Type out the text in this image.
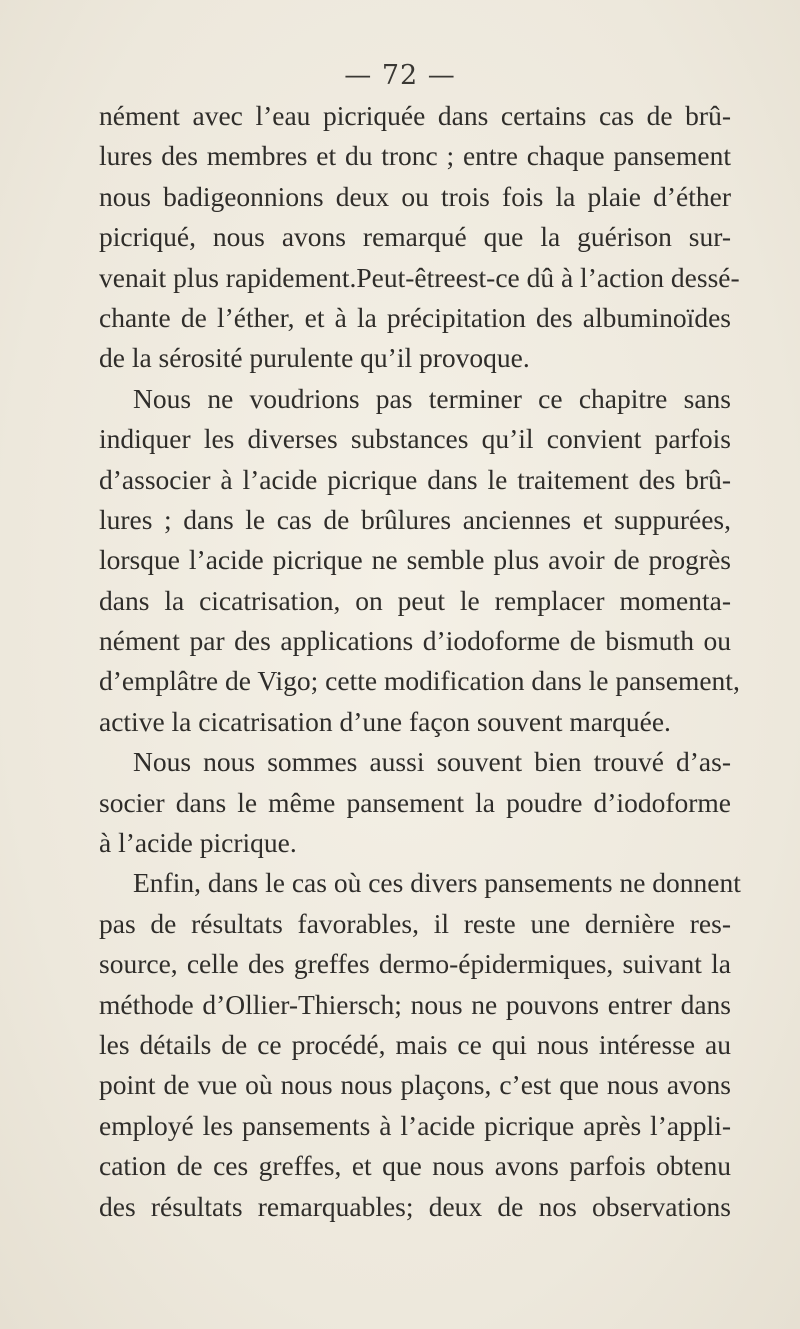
— 72 —
nément avec l’eau picriquée dans certains cas de brû-
lures des membres et du tronc ; entre chaque pansement
nous badigeonnions deux ou trois fois la plaie d’éther
picriqué, nous avons remarqué que la guérison sur-
venait plus rapidement.Peut-êtreest-ce dû à l’action dessé-
chante de l’éther, et à la précipitation des albuminoïdes
de la sérosité purulente qu’il provoque.
Nous ne voudrions pas terminer ce chapitre sans
indiquer les diverses substances qu’il convient parfois
d’associer à l’acide picrique dans le traitement des brû-
lures ; dans le cas de brûlures anciennes et suppurées,
lorsque l’acide picrique ne semble plus avoir de progrès
dans la cicatrisation, on peut le remplacer momenta-
nément par des applications d’iodoforme de bismuth ou
d’emplâtre de Vigo; cette modification dans le pansement,
active la cicatrisation d’une façon souvent marquée.
Nous nous sommes aussi souvent bien trouvé d’as-
socier dans le même pansement la poudre d’iodoforme
à l’acide picrique.
Enfin, dans le cas où ces divers pansements ne donnent
pas de résultats favorables, il reste une dernière res-
source, celle des greffes dermo-épidermiques, suivant la
méthode d’Ollier-Thiersch; nous ne pouvons entrer dans
les détails de ce procédé, mais ce qui nous intéresse au
point de vue où nous nous plaçons, c’est que nous avons
employé les pansements à l’acide picrique après l’appli-
cation de ces greffes, et que nous avons parfois obtenu
des résultats remarquables; deux de nos observations
